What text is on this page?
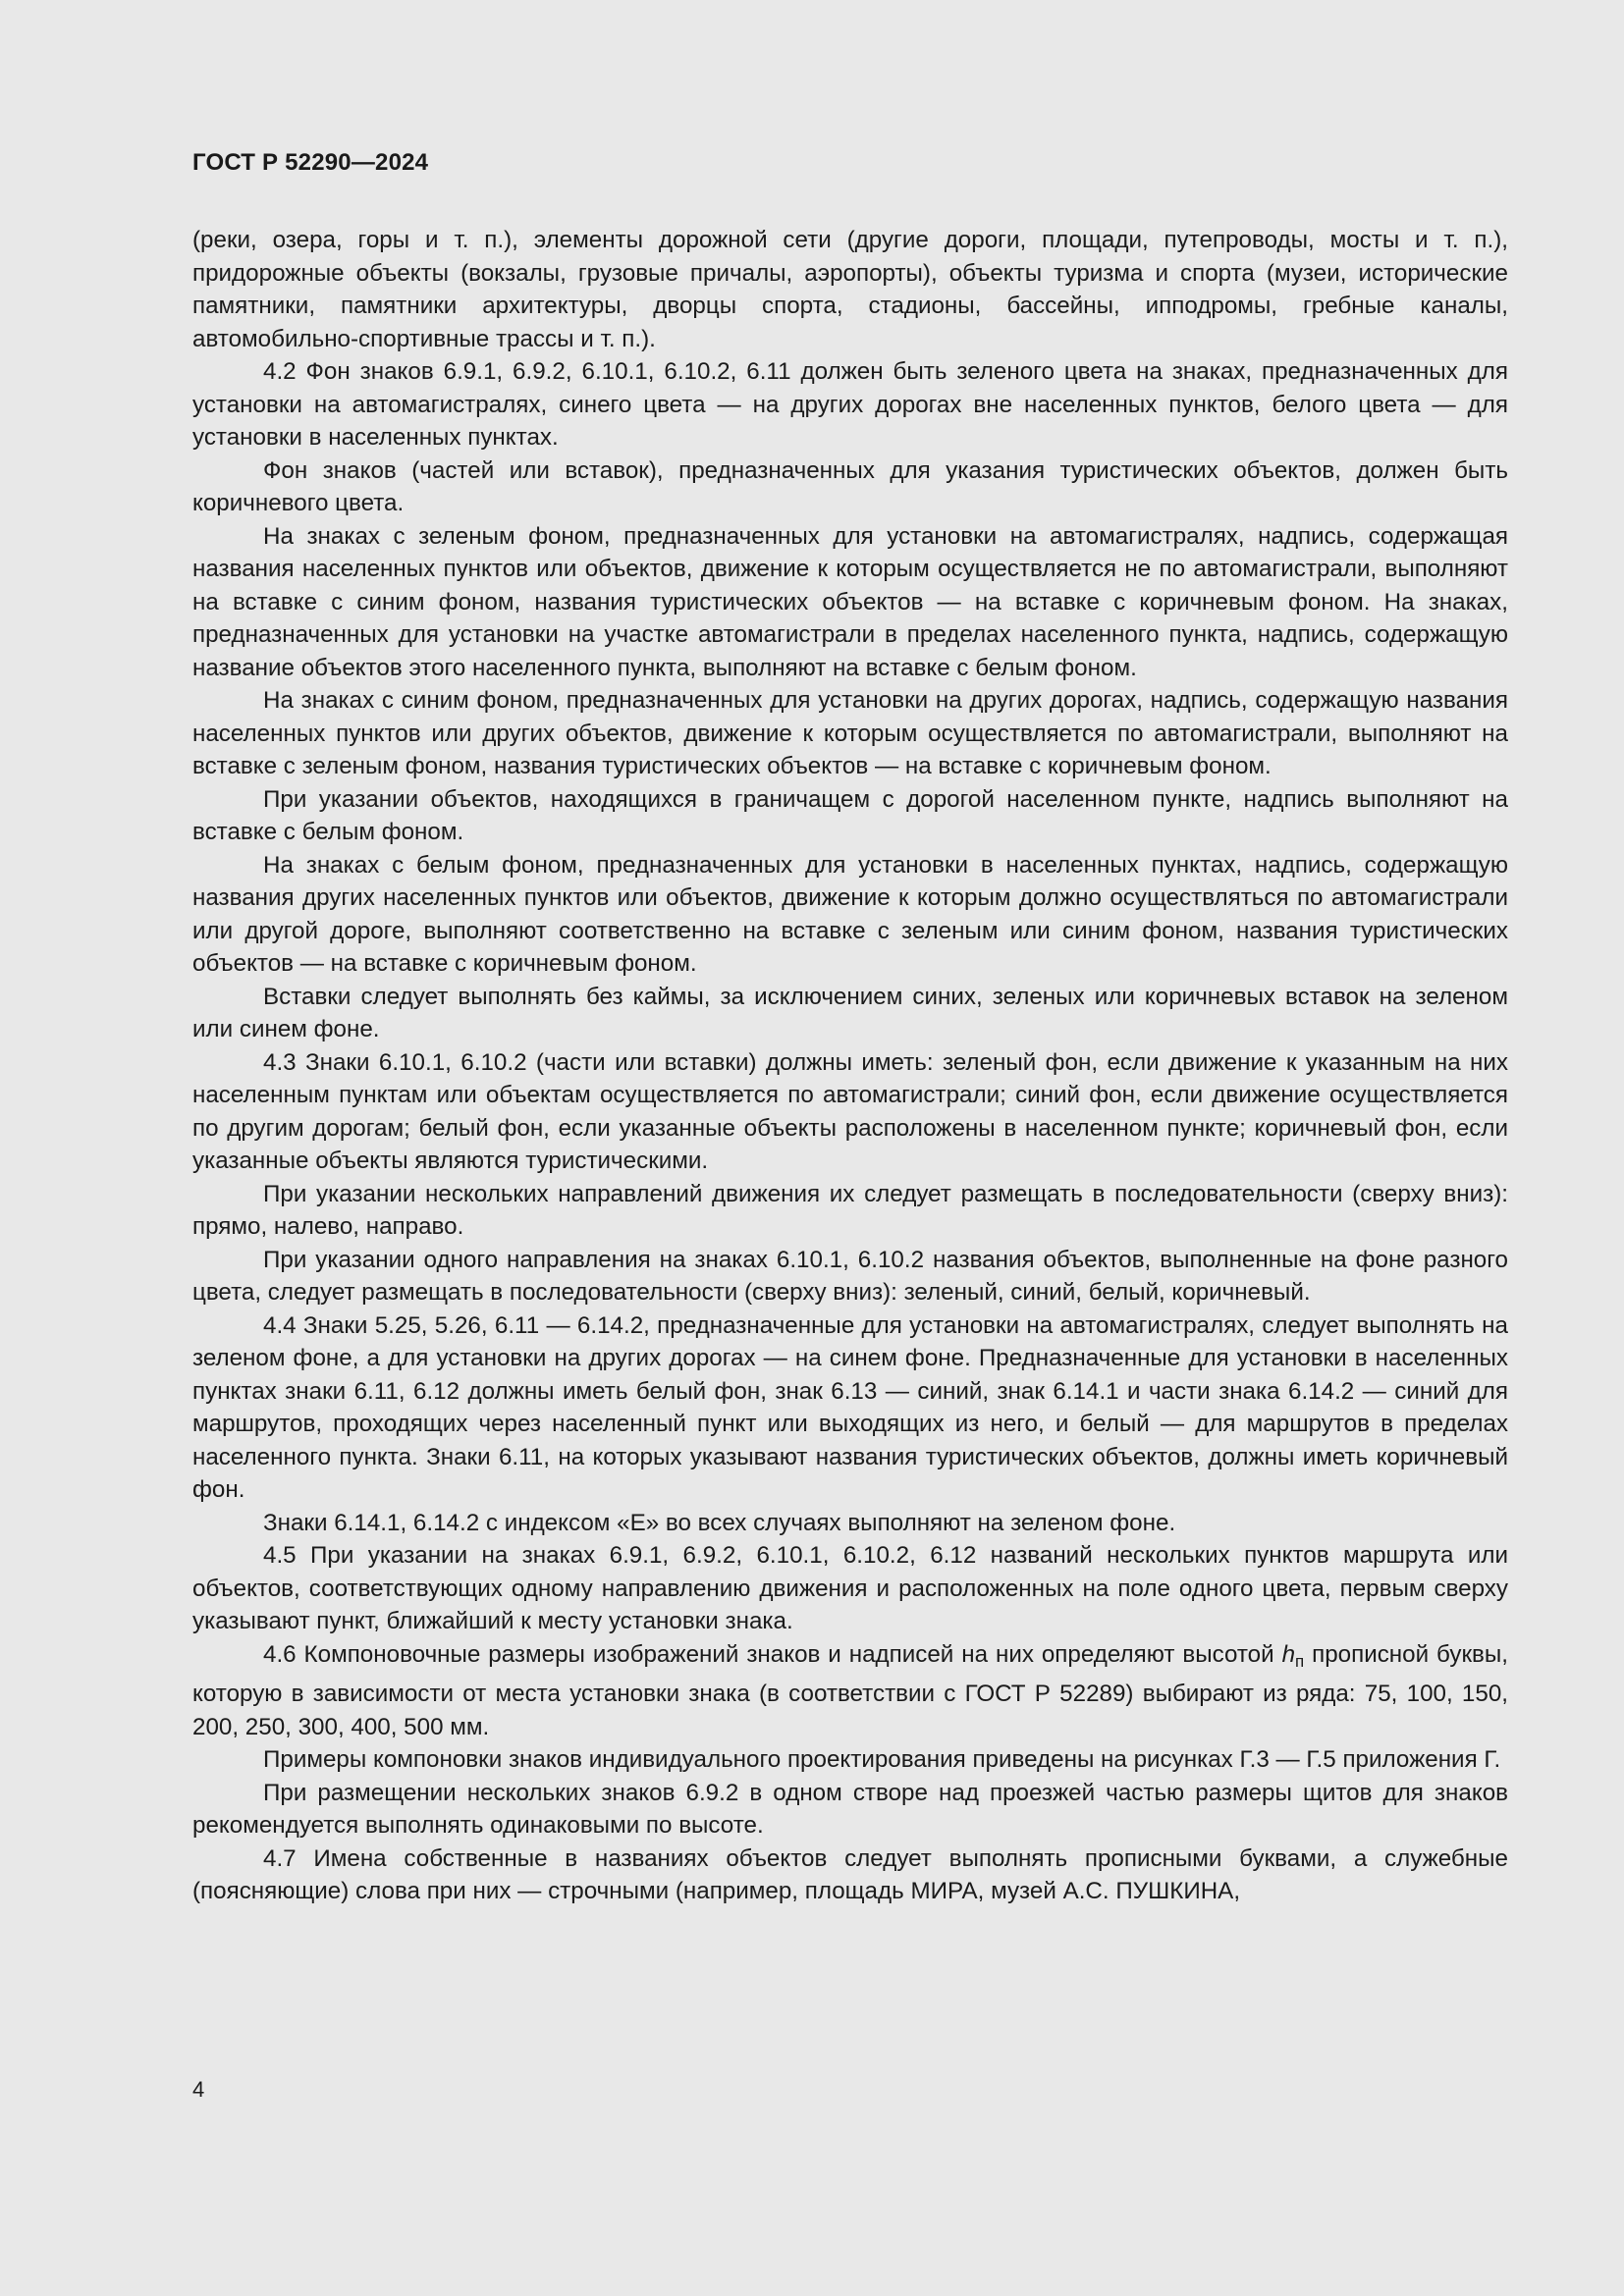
ГОСТ Р 52290—2024

(реки, озера, горы и т. п.), элементы дорожной сети (другие дороги, площади, путепроводы, мосты и т. п.), придорожные объекты (вокзалы, грузовые причалы, аэропорты), объекты туризма и спорта (музеи, исторические памятники, памятники архитектуры, дворцы спорта, стадионы, бассейны, ипподромы, гребные каналы, автомобильно-спортивные трассы и т. п.).

4.2 Фон знаков 6.9.1, 6.9.2, 6.10.1, 6.10.2, 6.11 должен быть зеленого цвета на знаках, предназначенных для установки на автомагистралях, синего цвета — на других дорогах вне населенных пунктов, белого цвета — для установки в населенных пунктах.

Фон знаков (частей или вставок), предназначенных для указания туристических объектов, должен быть коричневого цвета.

На знаках с зеленым фоном, предназначенных для установки на автомагистралях, надпись, содержащая названия населенных пунктов или объектов, движение к которым осуществляется не по автомагистрали, выполняют на вставке с синим фоном, названия туристических объектов — на вставке с коричневым фоном. На знаках, предназначенных для установки на участке автомагистрали в пределах населенного пункта, надпись, содержащую название объектов этого населенного пункта, выполняют на вставке с белым фоном.

На знаках с синим фоном, предназначенных для установки на других дорогах, надпись, содержащую названия населенных пунктов или других объектов, движение к которым осуществляется по автомагистрали, выполняют на вставке с зеленым фоном, названия туристических объектов — на вставке с коричневым фоном.

При указании объектов, находящихся в граничащем с дорогой населенном пункте, надпись выполняют на вставке с белым фоном.

На знаках с белым фоном, предназначенных для установки в населенных пунктах, надпись, содержащую названия других населенных пунктов или объектов, движение к которым должно осуществляться по автомагистрали или другой дороге, выполняют соответственно на вставке с зеленым или синим фоном, названия туристических объектов — на вставке с коричневым фоном.

Вставки следует выполнять без каймы, за исключением синих, зеленых или коричневых вставок на зеленом или синем фоне.

4.3 Знаки 6.10.1, 6.10.2 (части или вставки) должны иметь: зеленый фон, если движение к указанным на них населенным пунктам или объектам осуществляется по автомагистрали; синий фон, если движение осуществляется по другим дорогам; белый фон, если указанные объекты расположены в населенном пункте; коричневый фон, если указанные объекты являются туристическими.

При указании нескольких направлений движения их следует размещать в последовательности (сверху вниз): прямо, налево, направо.

При указании одного направления на знаках 6.10.1, 6.10.2 названия объектов, выполненные на фоне разного цвета, следует размещать в последовательности (сверху вниз): зеленый, синий, белый, коричневый.

4.4 Знаки 5.25, 5.26, 6.11 — 6.14.2, предназначенные для установки на автомагистралях, следует выполнять на зеленом фоне, а для установки на других дорогах — на синем фоне. Предназначенные для установки в населенных пунктах знаки 6.11, 6.12 должны иметь белый фон, знак 6.13 — синий, знак 6.14.1 и части знака 6.14.2 — синий для маршрутов, проходящих через населенный пункт или выходящих из него, и белый — для маршрутов в пределах населенного пункта. Знаки 6.11, на которых указывают названия туристических объектов, должны иметь коричневый фон.

Знаки 6.14.1, 6.14.2 с индексом «E» во всех случаях выполняют на зеленом фоне.

4.5 При указании на знаках 6.9.1, 6.9.2, 6.10.1, 6.10.2, 6.12 названий нескольких пунктов маршрута или объектов, соответствующих одному направлению движения и расположенных на поле одного цвета, первым сверху указывают пункт, ближайший к месту установки знака.

4.6 Компоновочные размеры изображений знаков и надписей на них определяют высотой $h_п$ прописной буквы, которую в зависимости от места установки знака (в соответствии с ГОСТ Р 52289) выбирают из ряда: 75, 100, 150, 200, 250, 300, 400, 500 мм.

Примеры компоновки знаков индивидуального проектирования приведены на рисунках Г.3 — Г.5 приложения Г.

При размещении нескольких знаков 6.9.2 в одном створе над проезжей частью размеры щитов для знаков рекомендуется выполнять одинаковыми по высоте.

4.7 Имена собственные в названиях объектов следует выполнять прописными буквами, а служебные (поясняющие) слова при них — строчными (например, площадь МИРА, музей А.С. ПУШКИНА,

4
